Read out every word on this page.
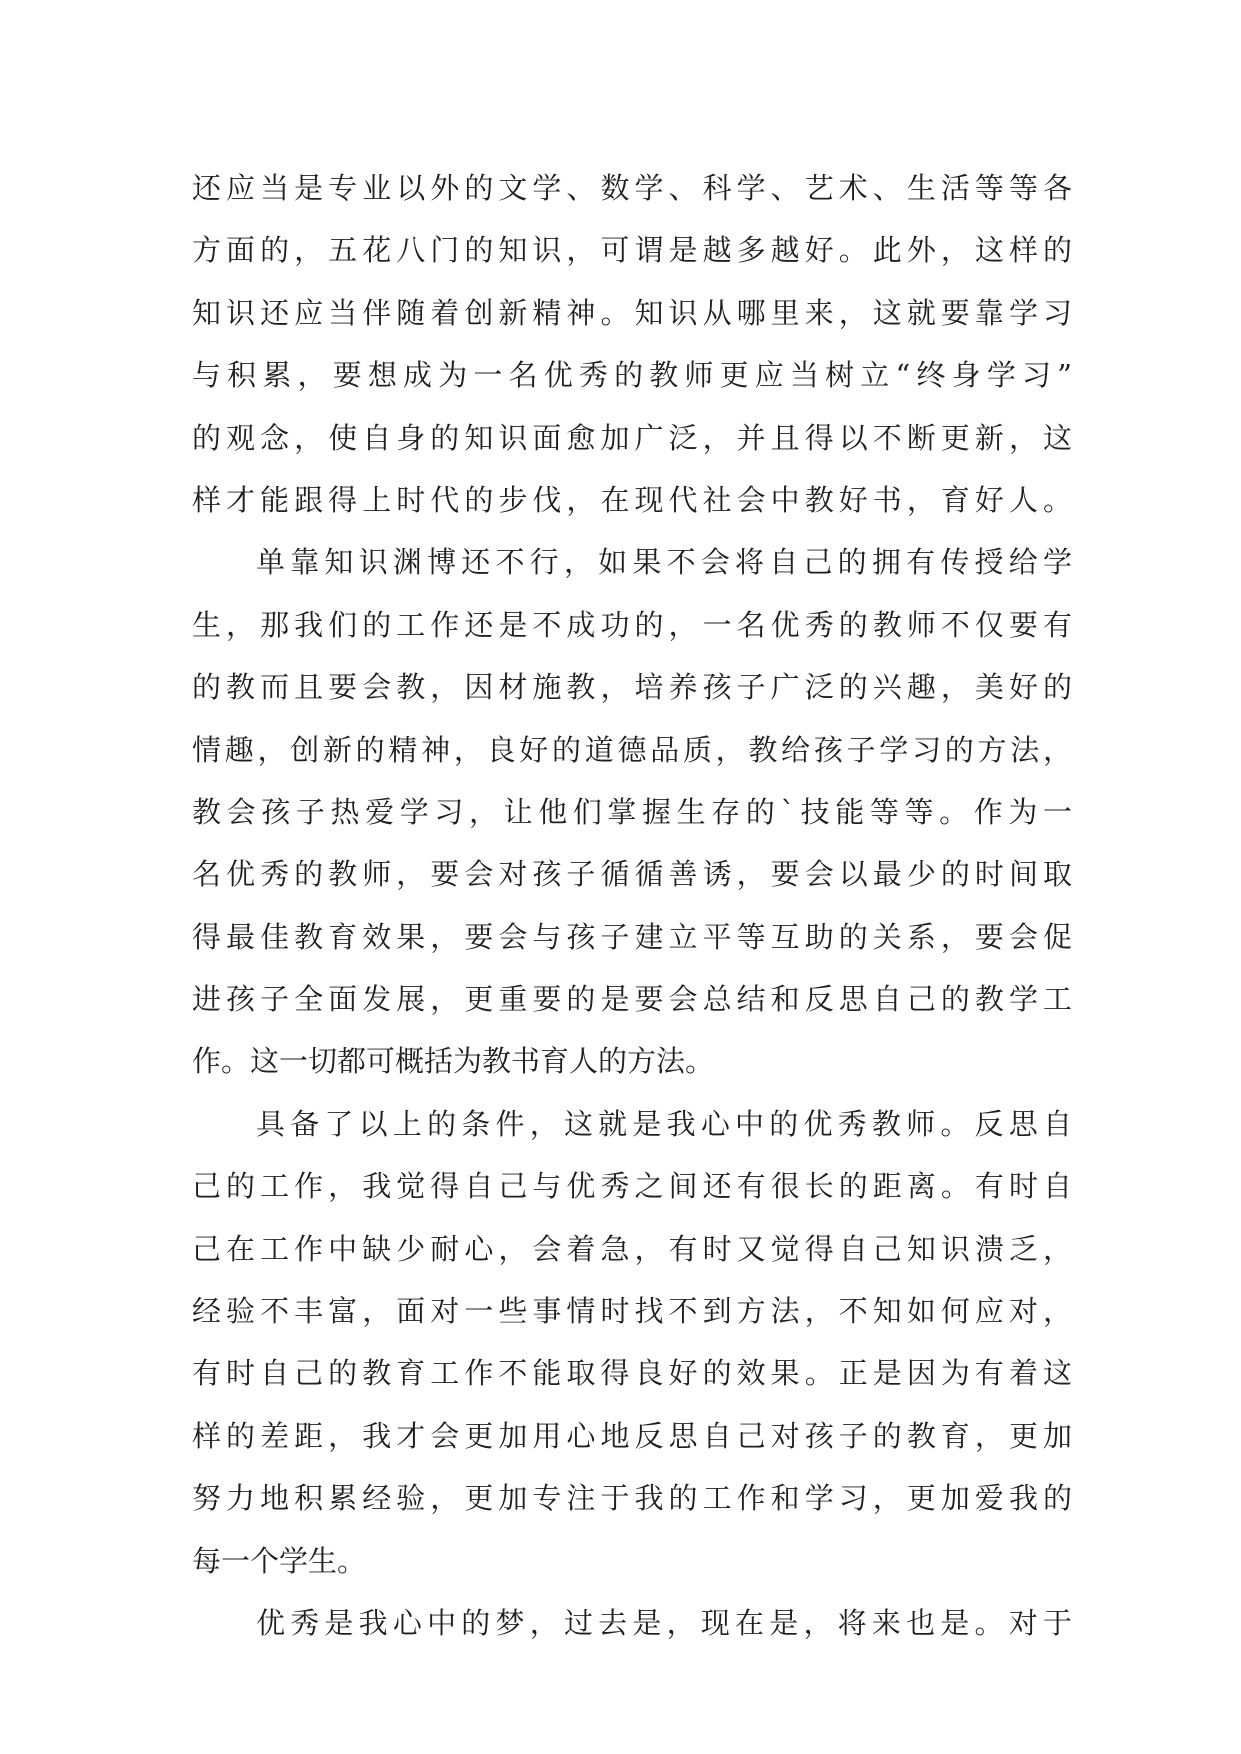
还应当是专业以外的文学、数学、科学、艺术、生活等等各
方面的，五花八门的知识，可谓是越多越好。此外，这样的
知识还应当伴随着创新精神。知识从哪里来，这就要靠学习
与积累，要想成为一名优秀的教师更应当树立“终身学习”
的观念，使自身的知识面愈加广泛，并且得以不断更新，这
样才能跟得上时代的步伐，在现代社会中教好书，育好人。
单靠知识渊博还不行，如果不会将自己的拥有传授给学
生，那我们的工作还是不成功的，一名优秀的教师不仅要有
的教而且要会教，因材施教，培养孩子广泛的兴趣，美好的
情趣，创新的精神，良好的道德品质，教给孩子学习的方法，
教会孩子热爱学习，让他们掌握生存的`技能等等。作为一
名优秀的教师，要会对孩子循循善诱，要会以最少的时间取
得最佳教育效果，要会与孩子建立平等互助的关系，要会促
进孩子全面发展，更重要的是要会总结和反思自己的教学工
作。这一切都可概括为教书育人的方法。
具备了以上的条件，这就是我心中的优秀教师。反思自
己的工作，我觉得自己与优秀之间还有很长的距离。有时自
己在工作中缺少耐心，会着急，有时又觉得自己知识溃乏，
经验不丰富，面对一些事情时找不到方法，不知如何应对，
有时自己的教育工作不能取得良好的效果。正是因为有着这
样的差距，我才会更加用心地反思自己对孩子的教育，更加
努力地积累经验，更加专注于我的工作和学习，更加爱我的
每一个学生。
优秀是我心中的梦，过去是，现在是，将来也是。对于
